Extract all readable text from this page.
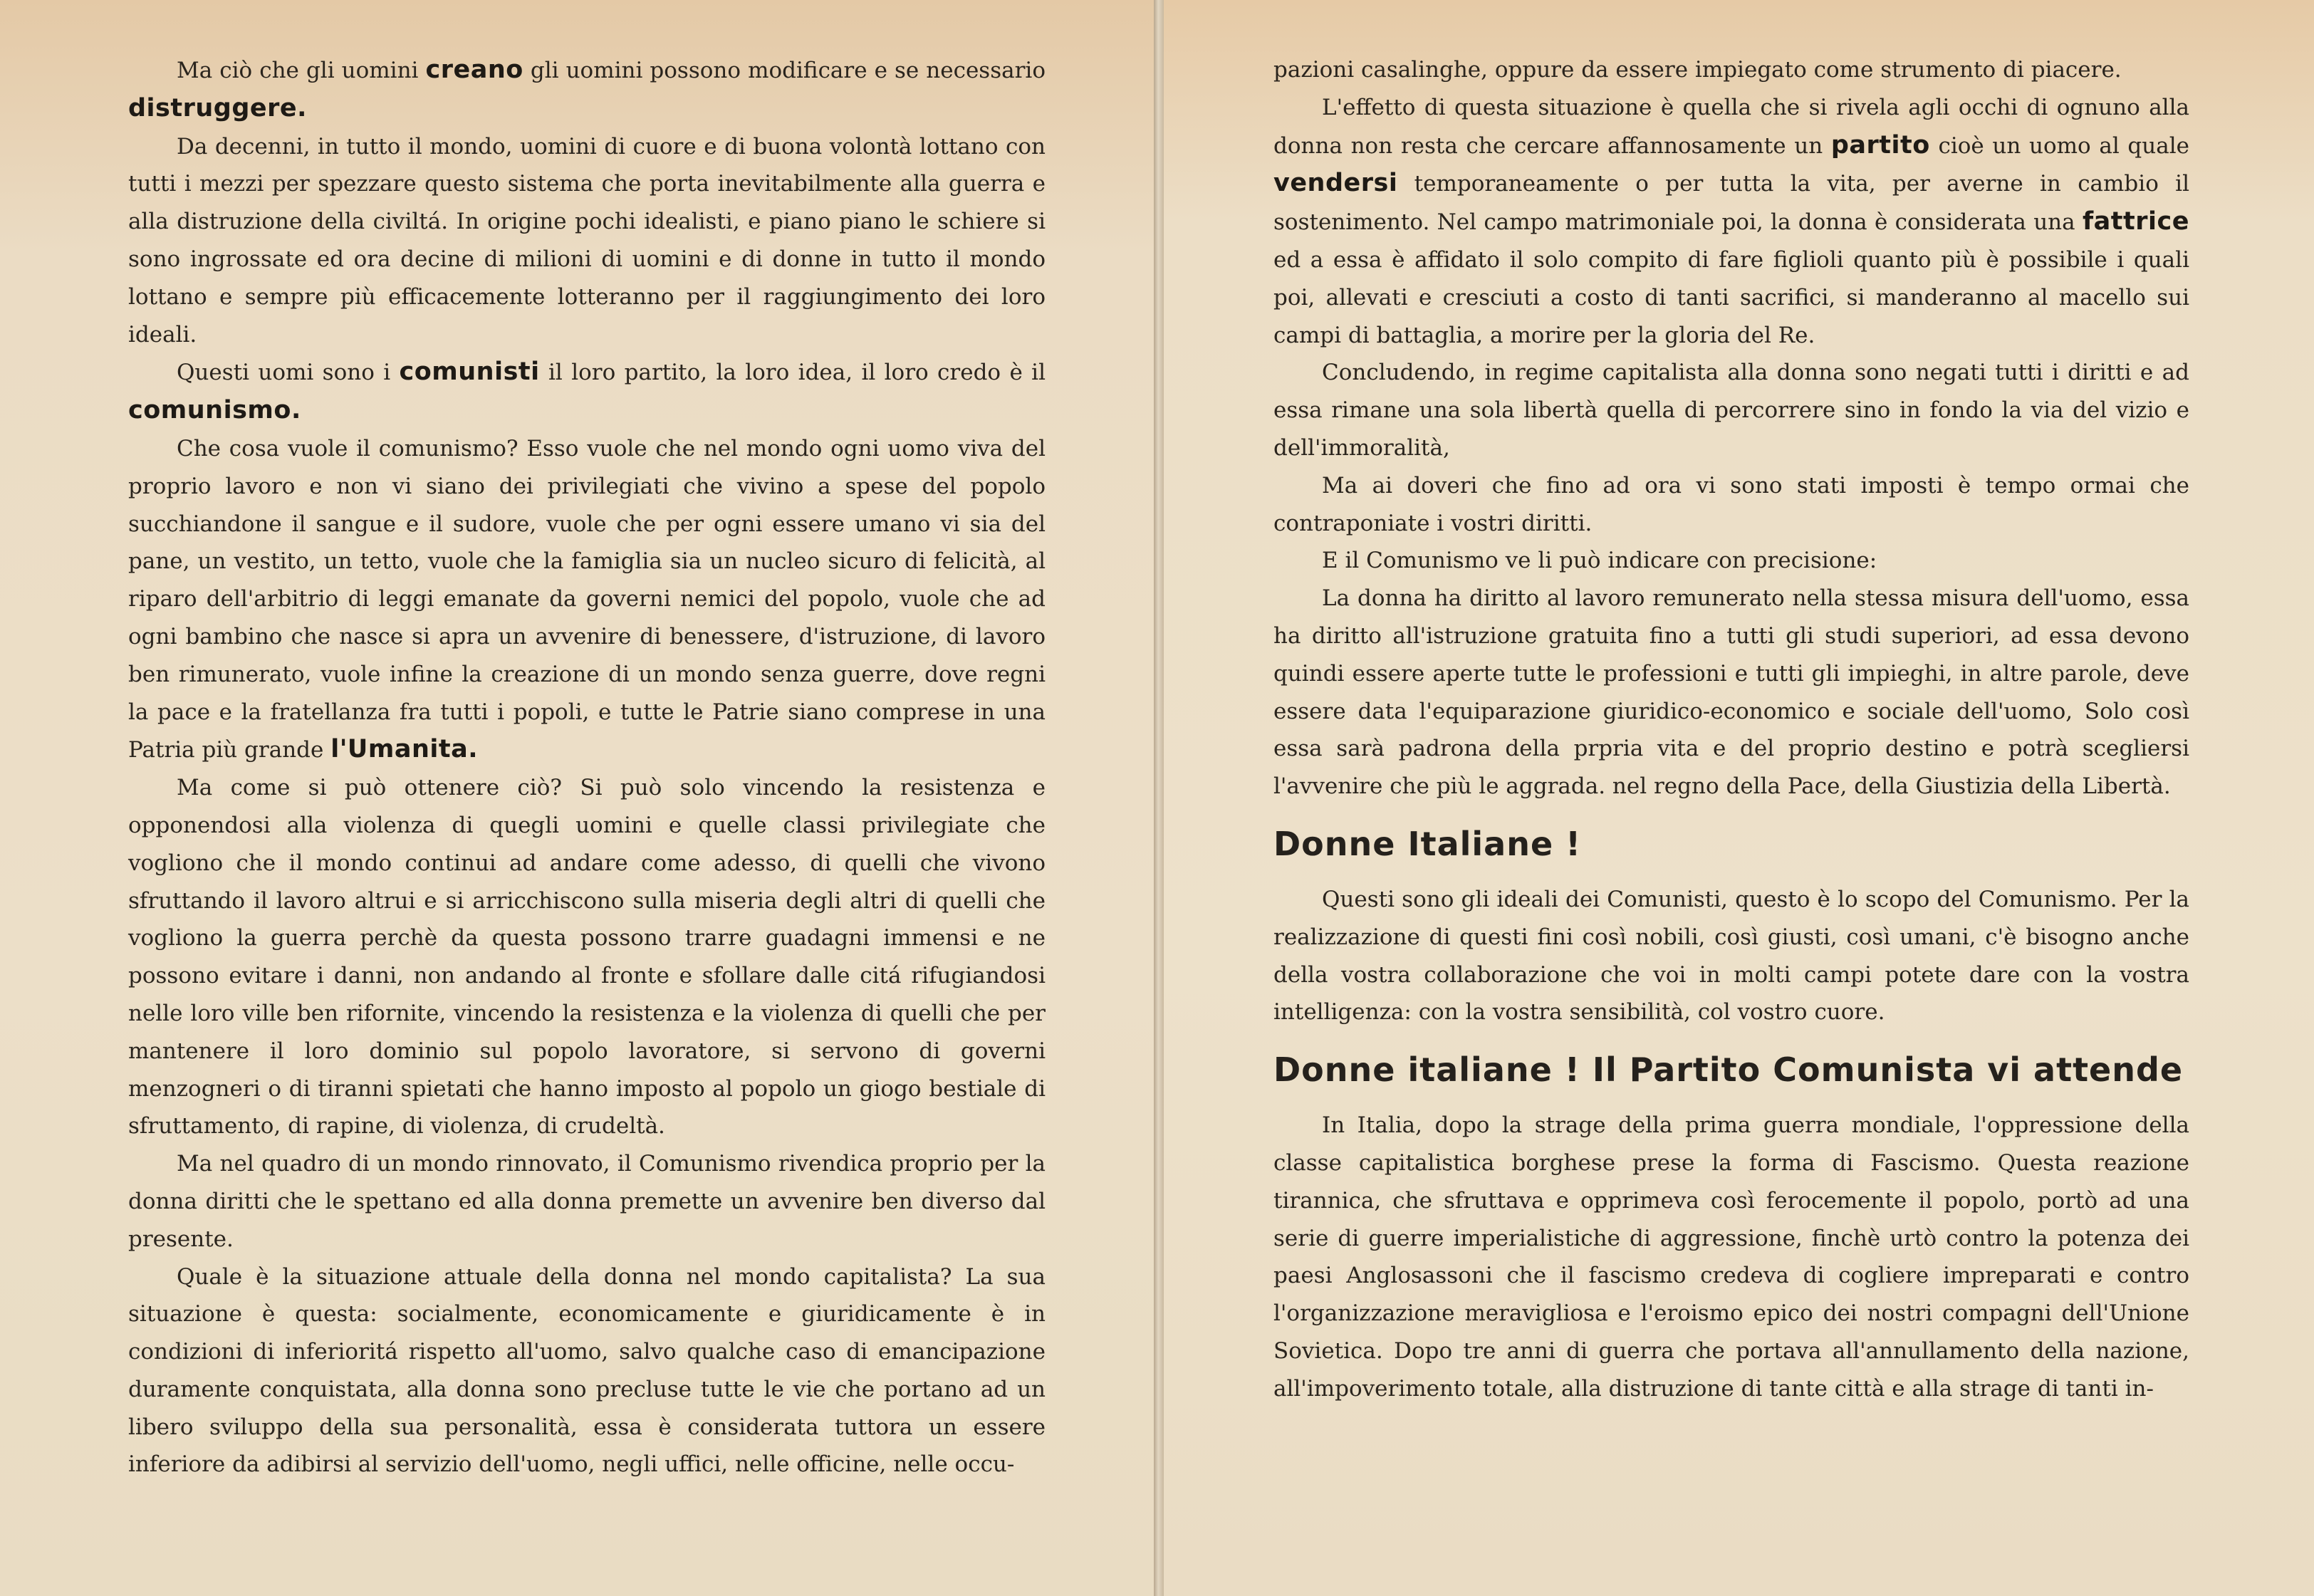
Ma ciò che gli uomini creano gli uomini possono modificare e se necessario distruggere.

Da decenni, in tutto il mondo, uomini di cuore e di buona volontà lottano con tutti i mezzi per spezzare questo sistema che porta inevitabilmente alla guerra e alla distruzione della civiltá. In origine pochi idealisti, e piano piano le schiere si sono ingrossate ed ora decine di milioni di uomini e di donne in tutto il mondo lottano e sempre più efficacemente lotteranno per il raggiungimento dei loro ideali.

Questi uomi sono i comunisti il loro partito, la loro idea, il loro credo è il comunismo.

Che cosa vuole il comunismo? Esso vuole che nel mondo ogni uomo viva del proprio lavoro e non vi siano dei privilegiati che vivino a spese del popolo succhiandone il sangue e il sudore, vuole che per ogni essere umano vi sia del pane, un vestito, un tetto, vuole che la famiglia sia un nucleo sicuro di felicità, al riparo dell'arbitrio di leggi emanate da governi nemici del popolo, vuole che ad ogni bambino che nasce si apra un avvenire di benessere, d'istruzione, di lavoro ben rimunerato, vuole infine la creazione di un mondo senza guerre, dove regni la pace e la fratellanza fra tutti i popoli, e tutte le Patrie siano comprese in una Patria più grande l'Umanita.

Ma come si può ottenere ciò? Si può solo vincendo la resistenza e opponendosi alla violenza di quegli uomini e quelle classi privilegiate che vogliono che il mondo continui ad andare come adesso, di quelli che vivono sfruttando il lavoro altrui e si arricchiscono sulla miseria degli altri di quelli che vogliono la guerra perchè da questa possono trarre guadagni immensi e ne possono evitare i danni, non andando al fronte e sfollare dalle citá rifugiandosi nelle loro ville ben rifornite, vincendo la resistenza e la violenza di quelli che per mantenere il loro dominio sul popolo lavoratore, si servono di governi menzogneri o di tiranni spietati che hanno imposto al popolo un giogo bestiale di sfruttamento, di rapine, di violenza, di crudeltà.

Ma nel quadro di un mondo rinnovato, il Comunismo rivendica proprio per la donna diritti che le spettano ed alla donna premette un avvenire ben diverso dal presente.

Quale è la situazione attuale della donna nel mondo capitalista? La sua situazione è questa: socialmente, economicamente e giuridicamente è in condizioni di inferioritá rispetto all'uomo, salvo qualche caso di emancipazione duramente conquistata, alla donna sono precluse tutte le vie che portano ad un libero sviluppo della sua personalità, essa è considerata tuttora un essere inferiore da adibirsi al servizio dell'uomo, negli uffici, nelle officine, nelle occu-

pazioni casalinghe, oppure da essere impiegato come strumento di piacere.

L'effetto di questa situazione è quella che si rivela agli occhi di ognuno alla donna non resta che cercare affannosamente un partito cioè un uomo al quale vendersi temporaneamente o per tutta la vita, per averne in cambio il sostenimento. Nel campo matrimoniale poi, la donna è considerata una fattrice ed a essa è affidato il solo compito di fare figlioli quanto più è possibile i quali poi, allevati e cresciuti a costo di tanti sacrifici, si manderanno al macello sui campi di battaglia, a morire per la gloria del Re.

Concludendo, in regime capitalista alla donna sono negati tutti i diritti e ad essa rimane una sola libertà quella di percorrere sino in fondo la via del vizio e dell'immoralità,

Ma ai doveri che fino ad ora vi sono stati imposti è tempo ormai che contraponiate i vostri diritti.

E il Comunismo ve li può indicare con precisione:

La donna ha diritto al lavoro remunerato nella stessa misura dell'uomo, essa ha diritto all'istruzione gratuita fino a tutti gli studi superiori, ad essa devono quindi essere aperte tutte le professioni e tutti gli impieghi, in altre parole, deve essere data l'equiparazione giuridico-economico e sociale dell'uomo, Solo così essa sarà padrona della prpria vita e del proprio destino e potrà scegliersi l'avvenire che più le aggrada. nel regno della Pace, della Giustizia della Libertà.

Donne Italiane !

Questi sono gli ideali dei Comunisti, questo è lo scopo del Comunismo. Per la realizzazione di questi fini così nobili, così giusti, così umani, c'è bisogno anche della vostra collaborazione che voi in molti campi potete dare con la vostra intelligenza: con la vostra sensibilità, col vostro cuore.

Donne italiane ! Il Partito Comunista vi attende

In Italia, dopo la strage della prima guerra mondiale, l'oppressione della classe capitalistica borghese prese la forma di Fascismo. Questa reazione tirannica, che sfruttava e opprimeva così ferocemente il popolo, portò ad una serie di guerre imperialistiche di aggressione, finchè urtò contro la potenza dei paesi Anglosassoni che il fascismo credeva di cogliere impreparati e contro l'organizzazione meravigliosa e l'eroismo epico dei nostri compagni dell'Unione Sovietica. Dopo tre anni di guerra che portava all'annullamento della nazione, all'impoverimento totale, alla distruzione di tante città e alla strage di tanti in-
